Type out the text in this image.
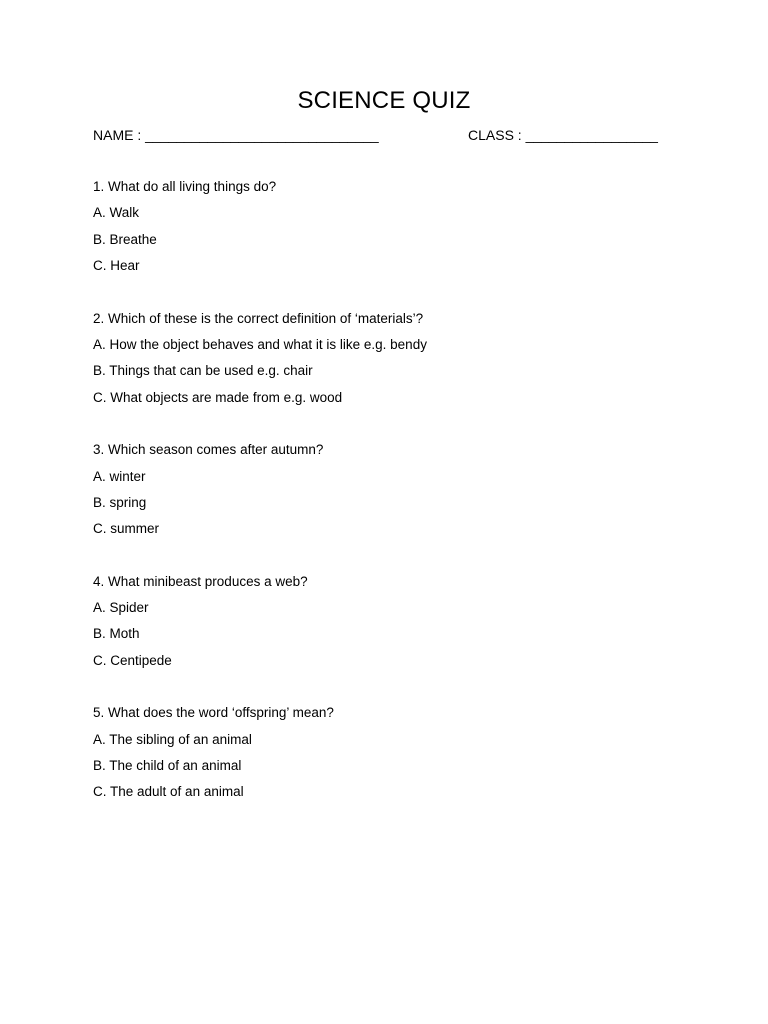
SCIENCE QUIZ
NAME : ______________________________	CLASS : _________________
1. What do all living things do?
A. Walk
B. Breathe
C. Hear
2. Which of these is the correct definition of ‘materials’?
A. How the object behaves and what it is like e.g. bendy
B. Things that can be used e.g. chair
C. What objects are made from e.g. wood
3. Which season comes after autumn?
A. winter
B. spring
C. summer
4. What minibeast produces a web?
A. Spider
B. Moth
C. Centipede
5. What does the word ‘offspring’ mean?
A. The sibling of an animal
B. The child of an animal
C. The adult of an animal
